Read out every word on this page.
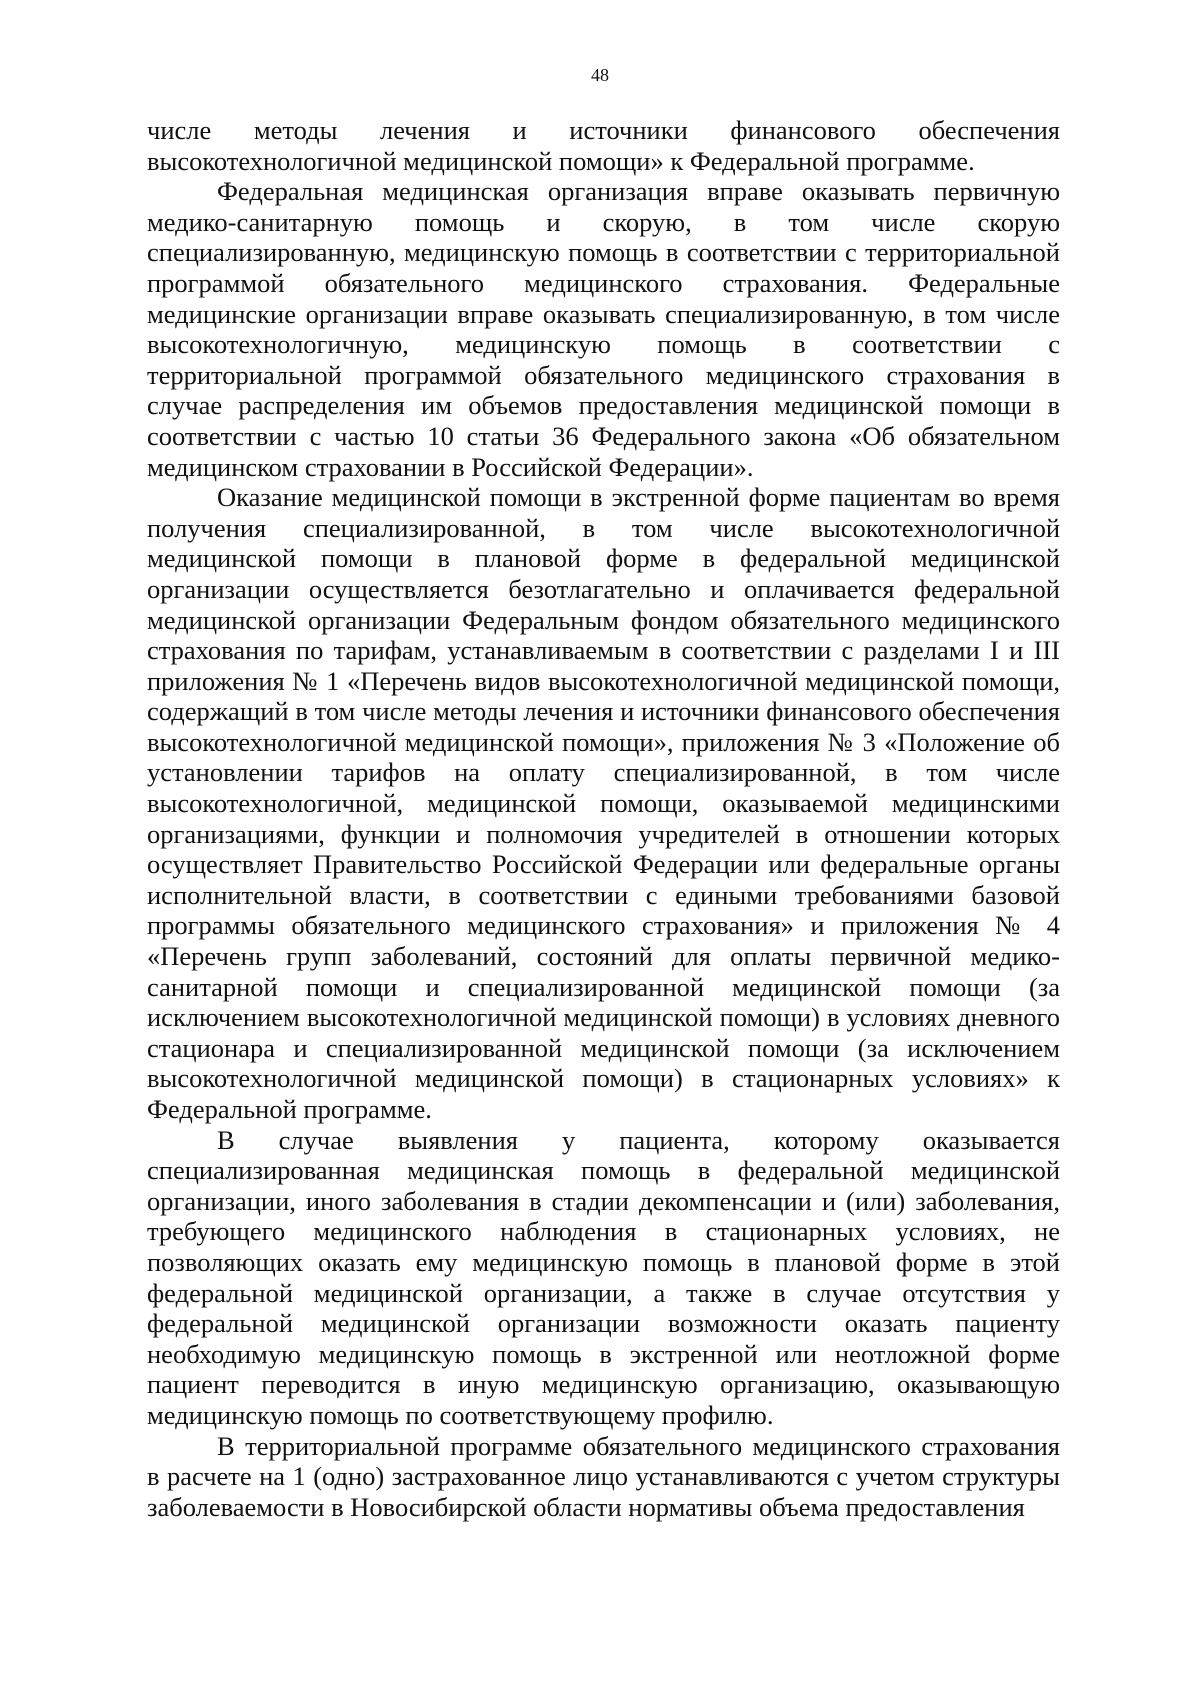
48

числе методы лечения и источники финансового обеспечения высокотехнологичной медицинской помощи» к Федеральной программе.

Федеральная медицинская организация вправе оказывать первичную медико-санитарную помощь и скорую, в том числе скорую специализированную, медицинскую помощь в соответствии с территориальной программой обязательного медицинского страхования. Федеральные медицинские организации вправе оказывать специализированную, в том числе высокотехнологичную, медицинскую помощь в соответствии с территориальной программой обязательного медицинского страхования в случае распределения им объемов предоставления медицинской помощи в соответствии с частью 10 статьи 36 Федерального закона «Об обязательном медицинском страховании в Российской Федерации».

Оказание медицинской помощи в экстренной форме пациентам во время получения специализированной, в том числе высокотехнологичной медицинской помощи в плановой форме в федеральной медицинской организации осуществляется безотлагательно и оплачивается федеральной медицинской организации Федеральным фондом обязательного медицинского страхования по тарифам, устанавливаемым в соответствии с разделами I и III приложения № 1 «Перечень видов высокотехнологичной медицинской помощи, содержащий в том числе методы лечения и источники финансового обеспечения высокотехнологичной медицинской помощи», приложения № 3 «Положение об установлении тарифов на оплату специализированной, в том числе высокотехнологичной, медицинской помощи, оказываемой медицинскими организациями, функции и полномочия учредителей в отношении которых осуществляет Правительство Российской Федерации или федеральные органы исполнительной власти, в соответствии с едиными требованиями базовой программы обязательного медицинского страхования» и приложения № 4 «Перечень групп заболеваний, состояний для оплаты первичной медико-санитарной помощи и специализированной медицинской помощи (за исключением высокотехнологичной медицинской помощи) в условиях дневного стационара и специализированной медицинской помощи (за исключением высокотехнологичной медицинской помощи) в стационарных условиях» к Федеральной программе.

В случае выявления у пациента, которому оказывается специализированная медицинская помощь в федеральной медицинской организации, иного заболевания в стадии декомпенсации и (или) заболевания, требующего медицинского наблюдения в стационарных условиях, не позволяющих оказать ему медицинскую помощь в плановой форме в этой федеральной медицинской организации, а также в случае отсутствия у федеральной медицинской организации возможности оказать пациенту необходимую медицинскую помощь в экстренной или неотложной форме пациент переводится в иную медицинскую организацию, оказывающую медицинскую помощь по соответствующему профилю.

В территориальной программе обязательного медицинского страхования в расчете на 1 (одно) застрахованное лицо устанавливаются с учетом структуры заболеваемости в Новосибирской области нормативы объема предоставления
